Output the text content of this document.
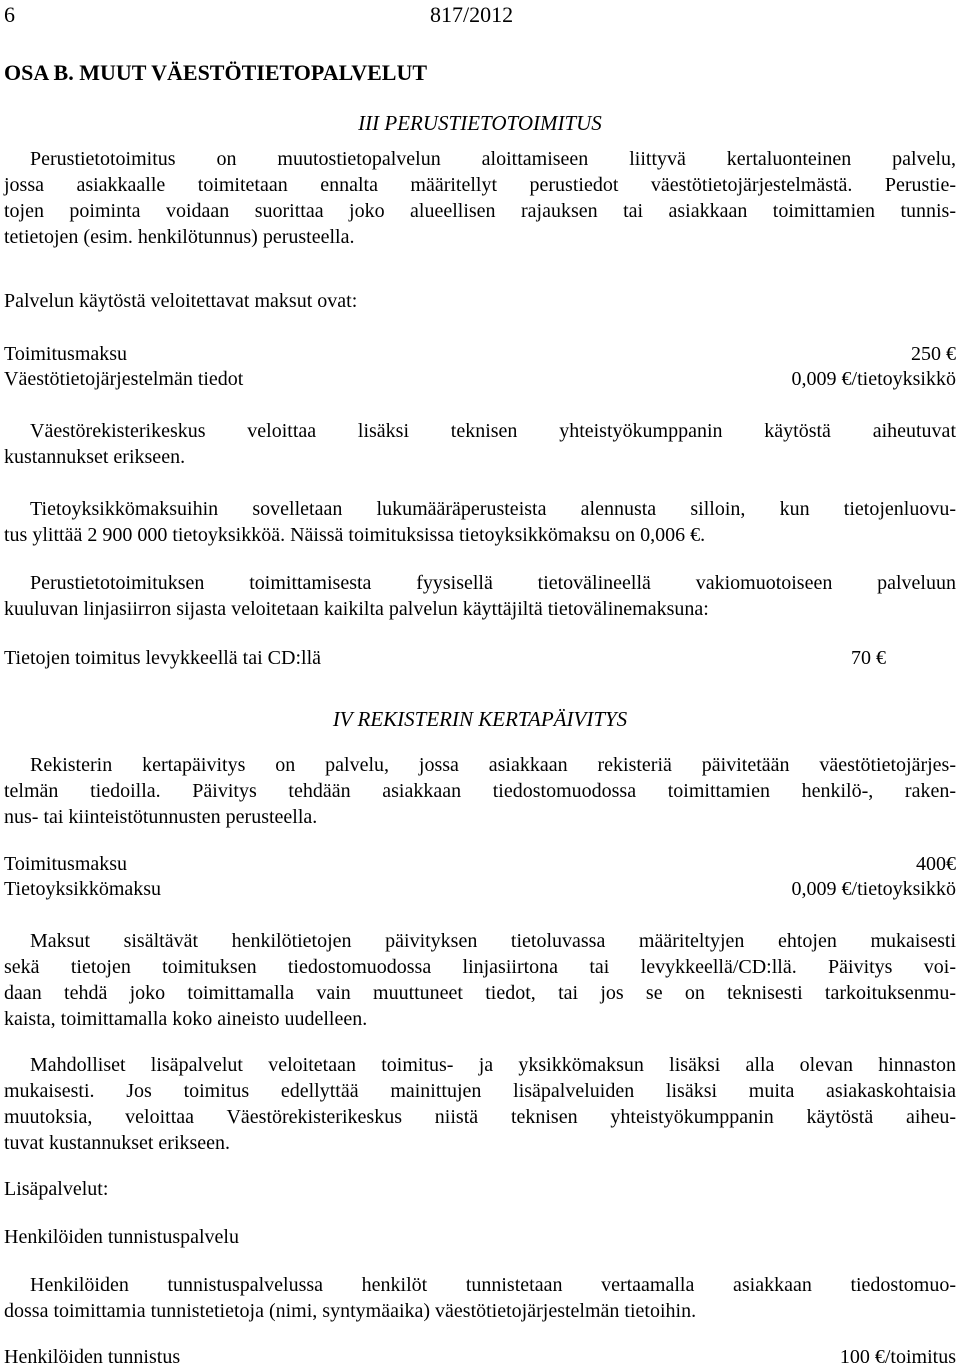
6	817/2012
OSA B. MUUT VÄESTÖTIETOPALVELUT
III PERUSTIETOTOIMITUS
Perustietotoimitus on muutostietopalvelun aloittamiseen liittyvä kertaluonteinen palvelu,
jossa asiakkaalle toimitetaan ennalta määritellyt perustiedot väestötietojärjestelmästä. Perustie-
tojen poiminta voidaan suorittaa joko alueellisen rajauksen tai asiakkaan toimittamien tunnis-
tetietojen (esim. henkilötunnus) perusteella.
Palvelun käytöstä veloitettavat maksut ovat:
Toimitusmaksu	250 €
Väestötietojärjestelmän tiedot	0,009 €/tietoyksikkö
Väestörekisterikeskus veloittaa lisäksi teknisen yhteistyökumppanin käytöstä aiheutuvat
kustannukset erikseen.
Tietoyksikkömaksuihin sovelletaan lukumääräperusteista alennusta silloin, kun tietojenluovu-
tus ylittää 2 900 000 tietoyksikköä. Näissä toimituksissa tietoyksikkömaksu on 0,006 €.
Perustietotoimituksen toimittamisesta fyysisellä tietovälineellä vakiomuotoiseen palveluun
kuuluvan linjasiirron sijasta veloitetaan kaikilta palvelun käyttäjiltä tietovälinemaksuna:
Tietojen toimitus levykkeellä tai CD:llä	70 €
IV REKISTERIN KERTAPÄIVITYS
Rekisterin kertapäivitys on palvelu, jossa asiakkaan rekisteriä päivitetään väestötietojärjes-
telmän tiedoilla. Päivitys tehdään asiakkaan tiedostomuodossa toimittamien henkilö-, raken-
nus- tai kiinteistötunnusten perusteella.
Toimitusmaksu	400€
Tietoyksikkömaksu	0,009 €/tietoyksikkö
Maksut sisältävät henkilötietojen päivityksen tietoluvassa määriteltyjen ehtojen mukaisesti
sekä tietojen toimituksen tiedostomuodossa linjasiirtona tai levykkeellä/CD:llä. Päivitys voi-
daan tehdä joko toimittamalla vain muuttuneet tiedot, tai jos se on teknisesti tarkoituksenmu-
kaista, toimittamalla koko aineisto uudelleen.
Mahdolliset lisäpalvelut veloitetaan toimitus- ja yksikkömaksun lisäksi alla olevan hinnaston
mukaisesti. Jos toimitus edellyttää mainittujen lisäpalveluiden lisäksi muita asiakaskohtaisia
muutoksia, veloittaa Väestörekisterikeskus niistä teknisen yhteistyökumppanin käytöstä aiheu-
tuvat kustannukset erikseen.
Lisäpalvelut:
Henkilöiden tunnistuspalvelu
Henkilöiden tunnistuspalvelussa henkilöt tunnistetaan vertaamalla asiakkaan tiedostomuo-
dossa toimittamia tunnistetietoja (nimi, syntymäaika) väestötietojärjestelmän tietoihin.
Henkilöiden tunnistus	100 €/toimitus
